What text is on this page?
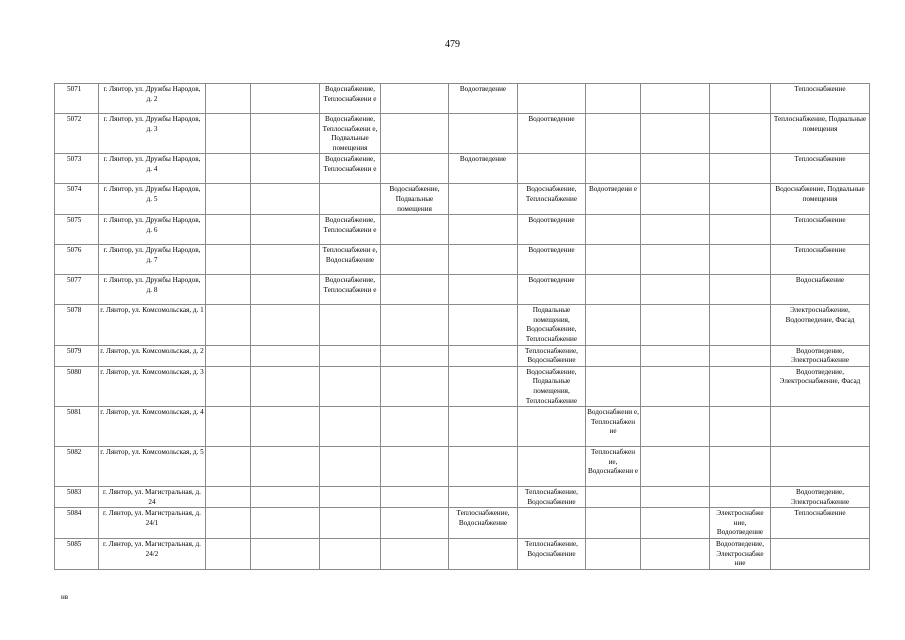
479
5071	г. Лянтор, ул. Дружбы Народов, д. 2			Водоснабжение, Теплоснабжени е		Водоотведение					Теплоснабжение
5072	г. Лянтор, ул. Дружбы Народов, д. 3			Водоснабжение, Теплоснабжени е, Подвальные помещения			Водоотведение				Теплоснабжение, Подвальные помещения
5073	г. Лянтор, ул. Дружбы Народов, д. 4			Водоснабжение, Теплоснабжени е		Водоотведение					Теплоснабжение
5074	г. Лянтор, ул. Дружбы Народов, д. 5				Водоснабжение, Подвальные помещения		Водоснабжение, Теплоснабжение	Водоотведени е			Водоснабжение, Подвальные помещения
5075	г. Лянтор, ул. Дружбы Народов, д. 6			Водоснабжение, Теплоснабжени е			Водоотведение				Теплоснабжение
5076	г. Лянтор, ул. Дружбы Народов, д. 7			Теплоснабжени е, Водоснабжение			Водоотведение				Теплоснабжение
5077	г. Лянтор, ул. Дружбы Народов, д. 8			Водоснабжение, Теплоснабжени е			Водоотведение				Водоснабжение
5078	г. Лянтор, ул. Комсомольская, д. 1						Подвальные помещения, Водоснабжение, Теплоснабжение				Электроснабжение, Водоотведение, Фасад
5079	г. Лянтор, ул. Комсомольская, д. 2						Теплоснабжение, Водоснабжение				Водоотведение, Электроснабжение
5080	г. Лянтор, ул. Комсомольская, д. 3						Водоснабжение, Подвальные помещения, Теплоснабжение				Водоотведение, Электроснабжение, Фасад
5081	г. Лянтор, ул. Комсомольская, д. 4							Водоснабжени е, Теплоснабжен ие			
5082	г. Лянтор, ул. Комсомольская, д. 5							Теплоснабжен ие, Водоснабжени е			
5083	г. Лянтор, ул. Магистральная, д. 24						Теплоснабжение, Водоснабжение				Водоотведение, Электроснабжение
5084	г. Лянтор, ул. Магистральная, д. 24/1					Теплоснабжение, Водоснабжение				Электроснабже ние, Водоотведение	Теплоснабжение
5085	г. Лянтор, ул. Магистральная, д. 24/2						Теплоснабжение, Водоснабжение			Водоотведение, Электроснабже ние	
нв
